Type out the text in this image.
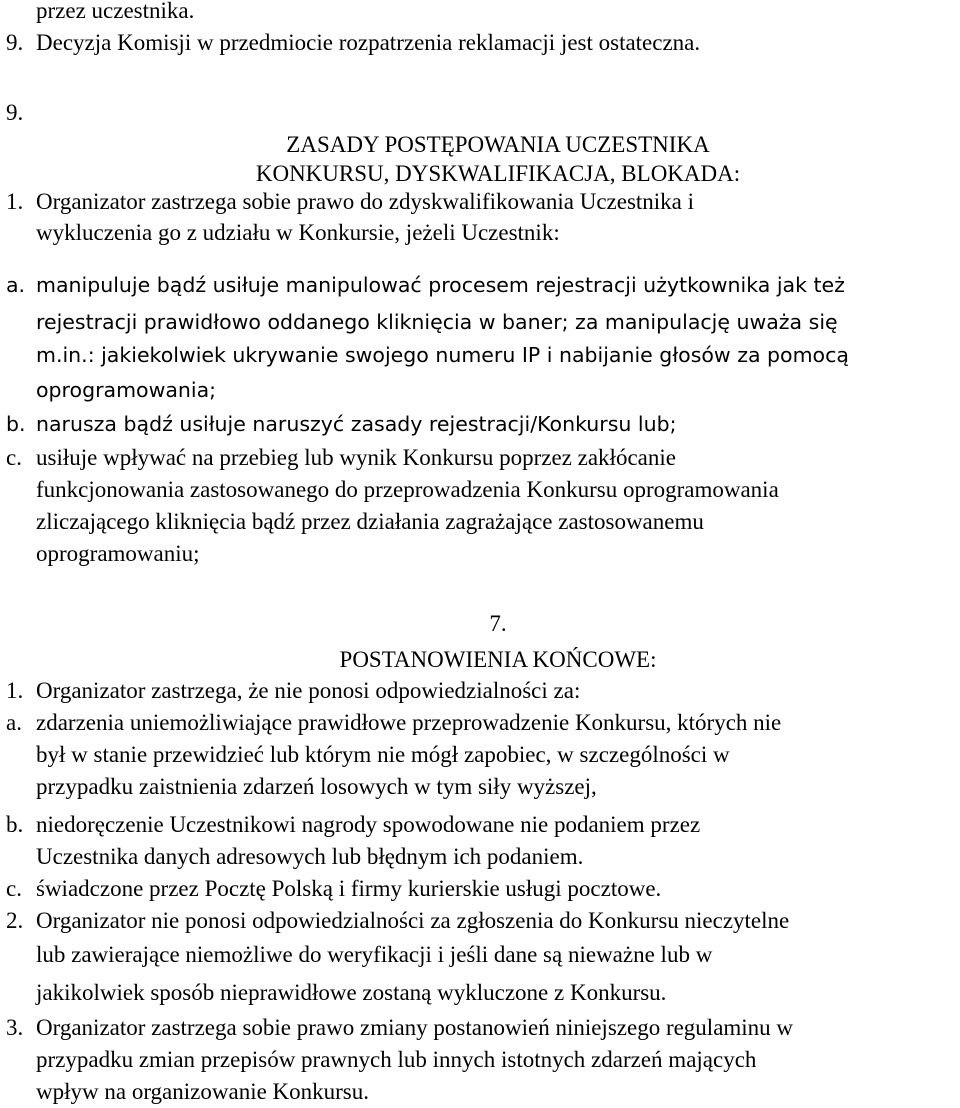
przez uczestnika.
9. Decyzja Komisji w przedmiocie rozpatrzenia reklamacji jest ostateczna.
9.
ZASADY POSTĘPOWANIA UCZESTNIKA
KONKURSU, DYSKWALIFIKACJA, BLOKADA:
1. Organizator zastrzega sobie prawo do zdyskwalifikowania Uczestnika i
wykluczenia go z udziału w Konkursie, jeżeli Uczestnik:
a. manipuluje bądź usiłuje manipulować procesem rejestracji użytkownika jak też
rejestracji prawidłowo oddanego kliknięcia w baner; za manipulację uważa się
m.in.: jakiekolwiek ukrywanie swojego numeru IP i nabijanie głosów za pomocą
oprogramowania;
b. narusza bądź usiłuje naruszyć zasady rejestracji/Konkursu lub;
c. usiłuje wpływać na przebieg lub wynik Konkursu poprzez zakłócanie
funkcjonowania zastosowanego do przeprowadzenia Konkursu oprogramowania
zliczającego kliknięcia bądź przez działania zagrażające zastosowanemu
oprogramowaniu;
7.
POSTANOWIENIA KOŃCOWE:
1. Organizator zastrzega, że nie ponosi odpowiedzialności za:
a. zdarzenia uniemożliwiające prawidłowe przeprowadzenie Konkursu, których nie
był w stanie przewidzieć lub którym nie mógł zapobiec, w szczególności w
przypadku zaistnienia zdarzeń losowych w tym siły wyższej,
b. niedoręczenie Uczestnikowi nagrody spowodowane nie podaniem przez
Uczestnika danych adresowych lub błędnym ich podaniem.
c. świadczone przez Pocztę Polską i firmy kurierskie usługi pocztowe.
2. Organizator nie ponosi odpowiedzialności za zgłoszenia do Konkursu nieczytelne
lub zawierające niemożliwe do weryfikacji i jeśli dane są nieważne lub w
jakikolwiek sposób nieprawidłowe zostaną wykluczone z Konkursu.
3. Organizator zastrzega sobie prawo zmiany postanowień niniejszego regulaminu w
przypadku zmian przepisów prawnych lub innych istotnych zdarzeń mających
wpływ na organizowanie Konkursu.
